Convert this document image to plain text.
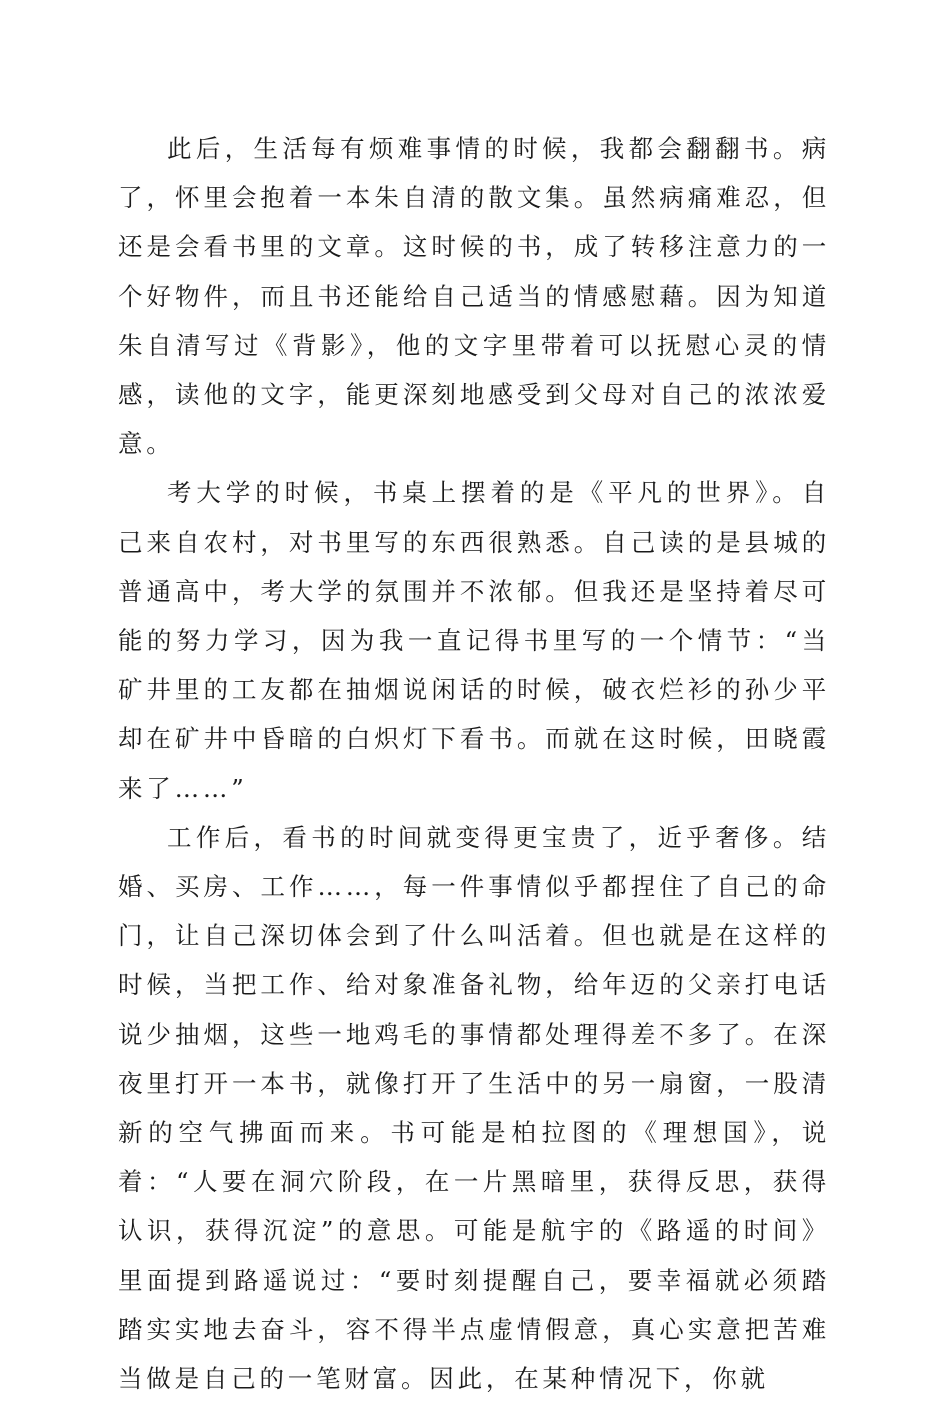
此后，生活每有烦难事情的时候，我都会翻翻书。病了，怀里会抱着一本朱自清的散文集。虽然病痛难忍，但还是会看书里的文章。这时候的书，成了转移注意力的一个好物件，而且书还能给自己适当的情感慰藉。因为知道朱自清写过《背影》，他的文字里带着可以抚慰心灵的情感，读他的文字，能更深刻地感受到父母对自己的浓浓爱意。

考大学的时候，书桌上摆着的是《平凡的世界》。自己来自农村，对书里写的东西很熟悉。自己读的是县城的普通高中，考大学的氛围并不浓郁。但我还是坚持着尽可能的努力学习，因为我一直记得书里写的一个情节：“当矿井里的工友都在抽烟说闲话的时候，破衣烂衫的孙少平却在矿井中昏暗的白炽灯下看书。而就在这时候，田晓霞来了……”

工作后，看书的时间就变得更宝贵了，近乎奢侈。结婚、买房、工作……，每一件事情似乎都捏住了自己的命门，让自己深切体会到了什么叫活着。但也就是在这样的时候，当把工作、给对象准备礼物，给年迈的父亲打电话说少抽烟，这些一地鸡毛的事情都处理得差不多了。在深夜里打开一本书，就像打开了生活中的另一扇窗，一股清新的空气拂面而来。书可能是柏拉图的《理想国》，说着：“人要在洞穴阶段，在一片黑暗里，获得反思，获得认识，获得沉淀”的意思。可能是航宇的《路遥的时间》里面提到路遥说过：“要时刻提醒自己，要幸福就必须踏踏实实地去奋斗，容不得半点虚情假意，真心实意把苦难当做是自己的一笔财富。因此，在某种情况下，你就
